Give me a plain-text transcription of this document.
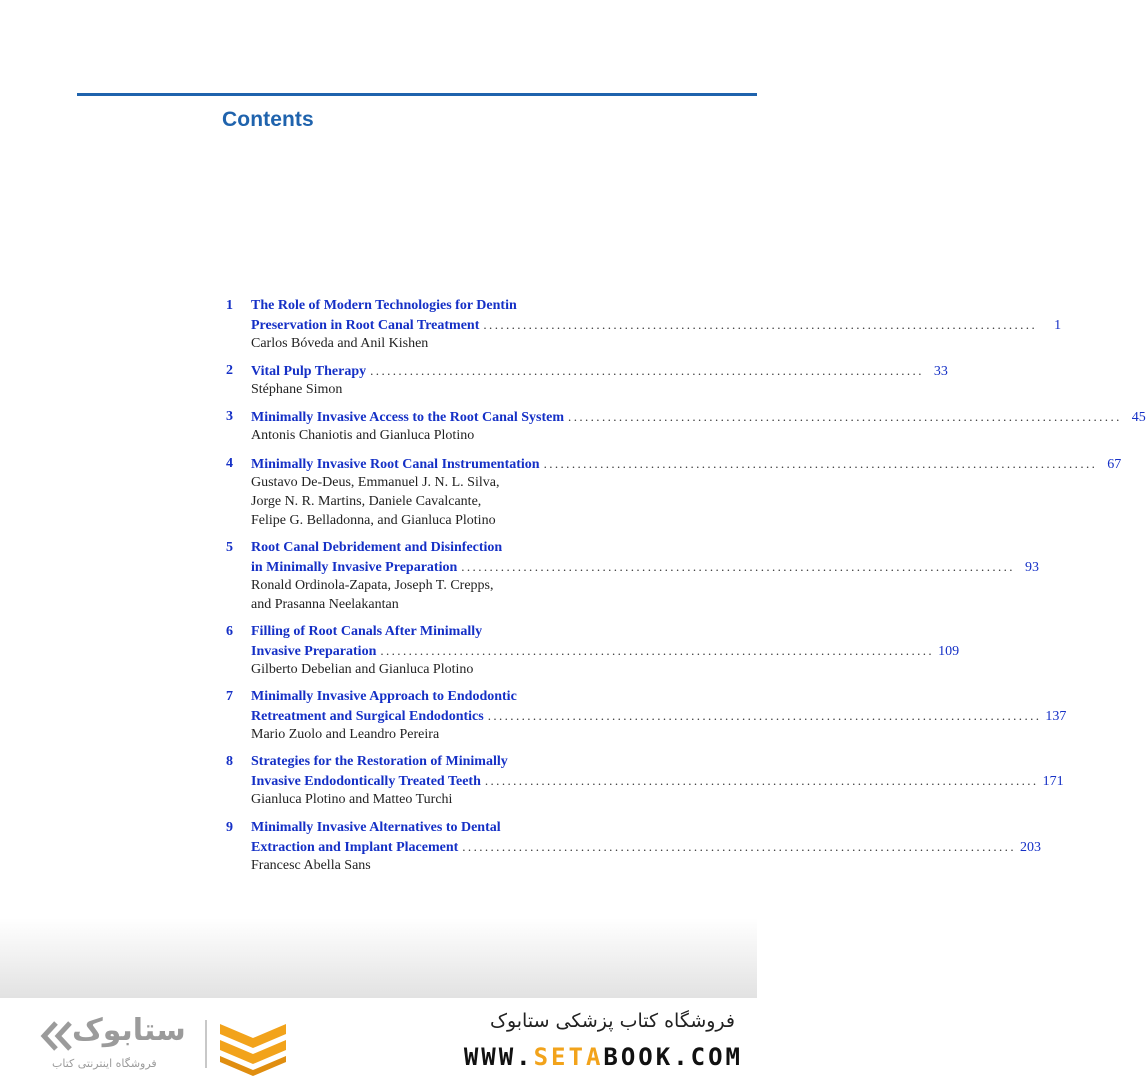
Contents
1	The Role of Modern Technologies for Dentin
Preservation in Root Canal Treatment ..................................................................................................	1
Carlos Bóveda and Anil Kishen
2	Vital Pulp Therapy .................................................................................................. 33
Stéphane Simon
3	Minimally Invasive Access to the Root Canal System .................................................................................................. 45
Antonis Chaniotis and Gianluca Plotino
4	Minimally Invasive Root Canal Instrumentation .................................................................................................. 67
Gustavo De-Deus, Emmanuel J. N. L. Silva,
Jorge N. R. Martins, Daniele Cavalcante,
Felipe G. Belladonna, and Gianluca Plotino
5	Root Canal Debridement and Disinfection
in Minimally Invasive Preparation .................................................................................................. 93
Ronald Ordinola-Zapata, Joseph T. Crepps,
and Prasanna Neelakantan
6	Filling of Root Canals After Minimally
Invasive Preparation .................................................................................................. 109
Gilberto Debelian and Gianluca Plotino
7	Minimally Invasive Approach to Endodontic
Retreatment and Surgical Endodontics .................................................................................................. 137
Mario Zuolo and Leandro Pereira
8	Strategies for the Restoration of Minimally
Invasive Endodontically Treated Teeth .................................................................................................. 171
Gianluca Plotino and Matteo Turchi
9	Minimally Invasive Alternatives to Dental
Extraction and Implant Placement .................................................................................................. 203
Francesc Abella Sans
ستابوک
فروشگاه اینترنتی کتاب
فروشگاه کتاب پزشکی ستابوک
WWW.SETABOOK.COM
